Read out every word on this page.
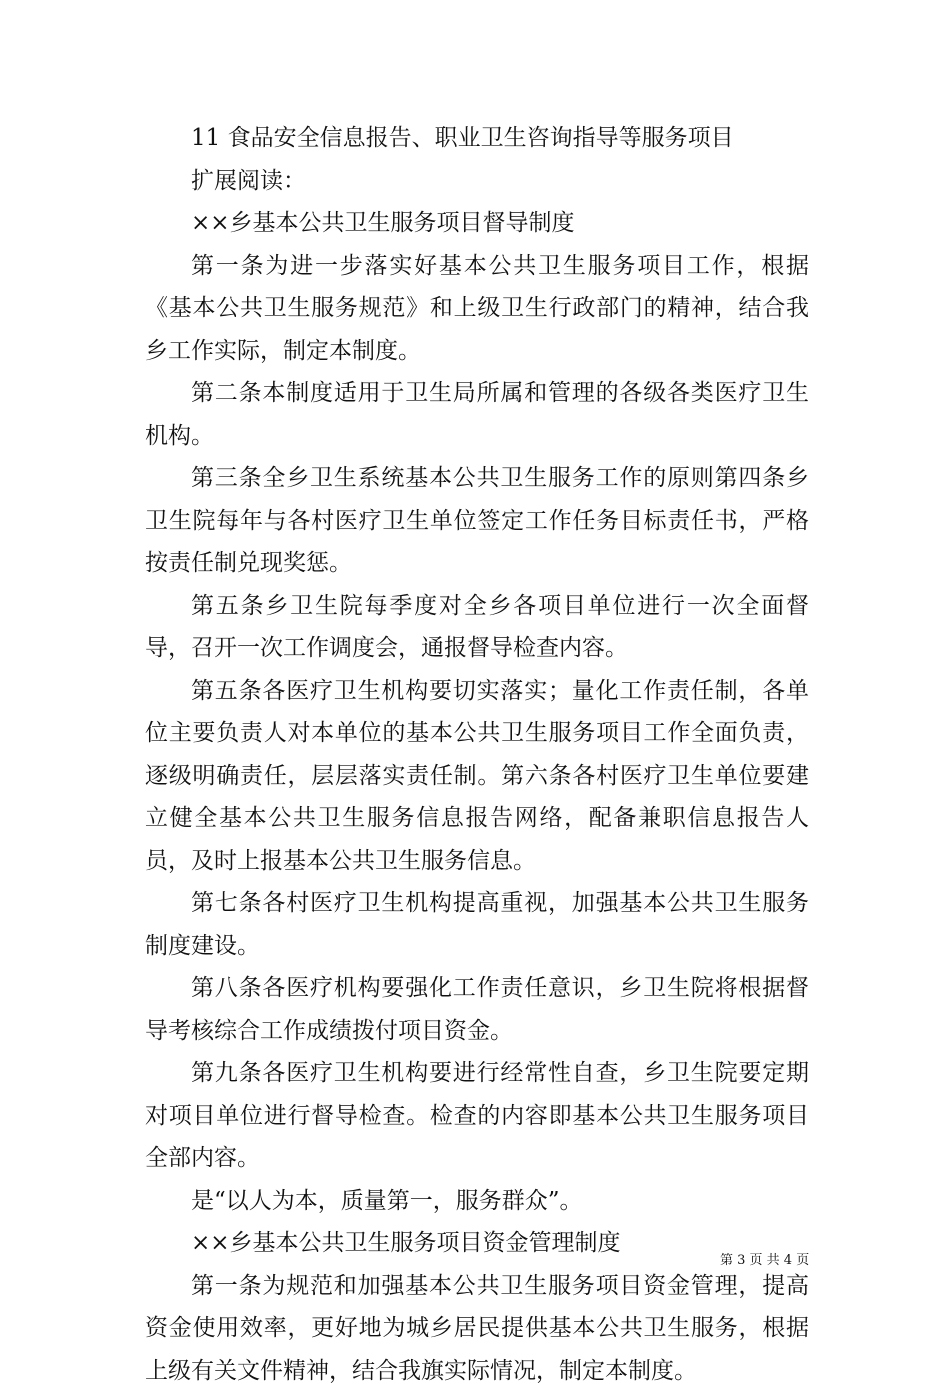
11 食品安全信息报告、职业卫生咨询指导等服务项目

扩展阅读：

××乡基本公共卫生服务项目督导制度

第一条为进一步落实好基本公共卫生服务项目工作，根据《基本公共卫生服务规范》和上级卫生行政部门的精神，结合我乡工作实际，制定本制度。

第二条本制度适用于卫生局所属和管理的各级各类医疗卫生机构。

第三条全乡卫生系统基本公共卫生服务工作的原则第四条乡卫生院每年与各村医疗卫生单位签定工作任务目标责任书，严格按责任制兑现奖惩。

第五条乡卫生院每季度对全乡各项目单位进行一次全面督导，召开一次工作调度会，通报督导检查内容。

第五条各医疗卫生机构要切实落实；量化工作责任制，各单位主要负责人对本单位的基本公共卫生服务项目工作全面负责，逐级明确责任，层层落实责任制。第六条各村医疗卫生单位要建立健全基本公共卫生服务信息报告网络，配备兼职信息报告人员，及时上报基本公共卫生服务信息。

第七条各村医疗卫生机构提高重视，加强基本公共卫生服务制度建设。

第八条各医疗机构要强化工作责任意识，乡卫生院将根据督导考核综合工作成绩拨付项目资金。

第九条各医疗卫生机构要进行经常性自查，乡卫生院要定期对项目单位进行督导检查。检查的内容即基本公共卫生服务项目全部内容。

是“以人为本，质量第一，服务群众”。

××乡基本公共卫生服务项目资金管理制度

第一条为规范和加强基本公共卫生服务项目资金管理，提高资金使用效率，更好地为城乡居民提供基本公共卫生服务，根据上级有关文件精神，结合我旗实际情况，制定本制度。

第 3 页 共 4 页
